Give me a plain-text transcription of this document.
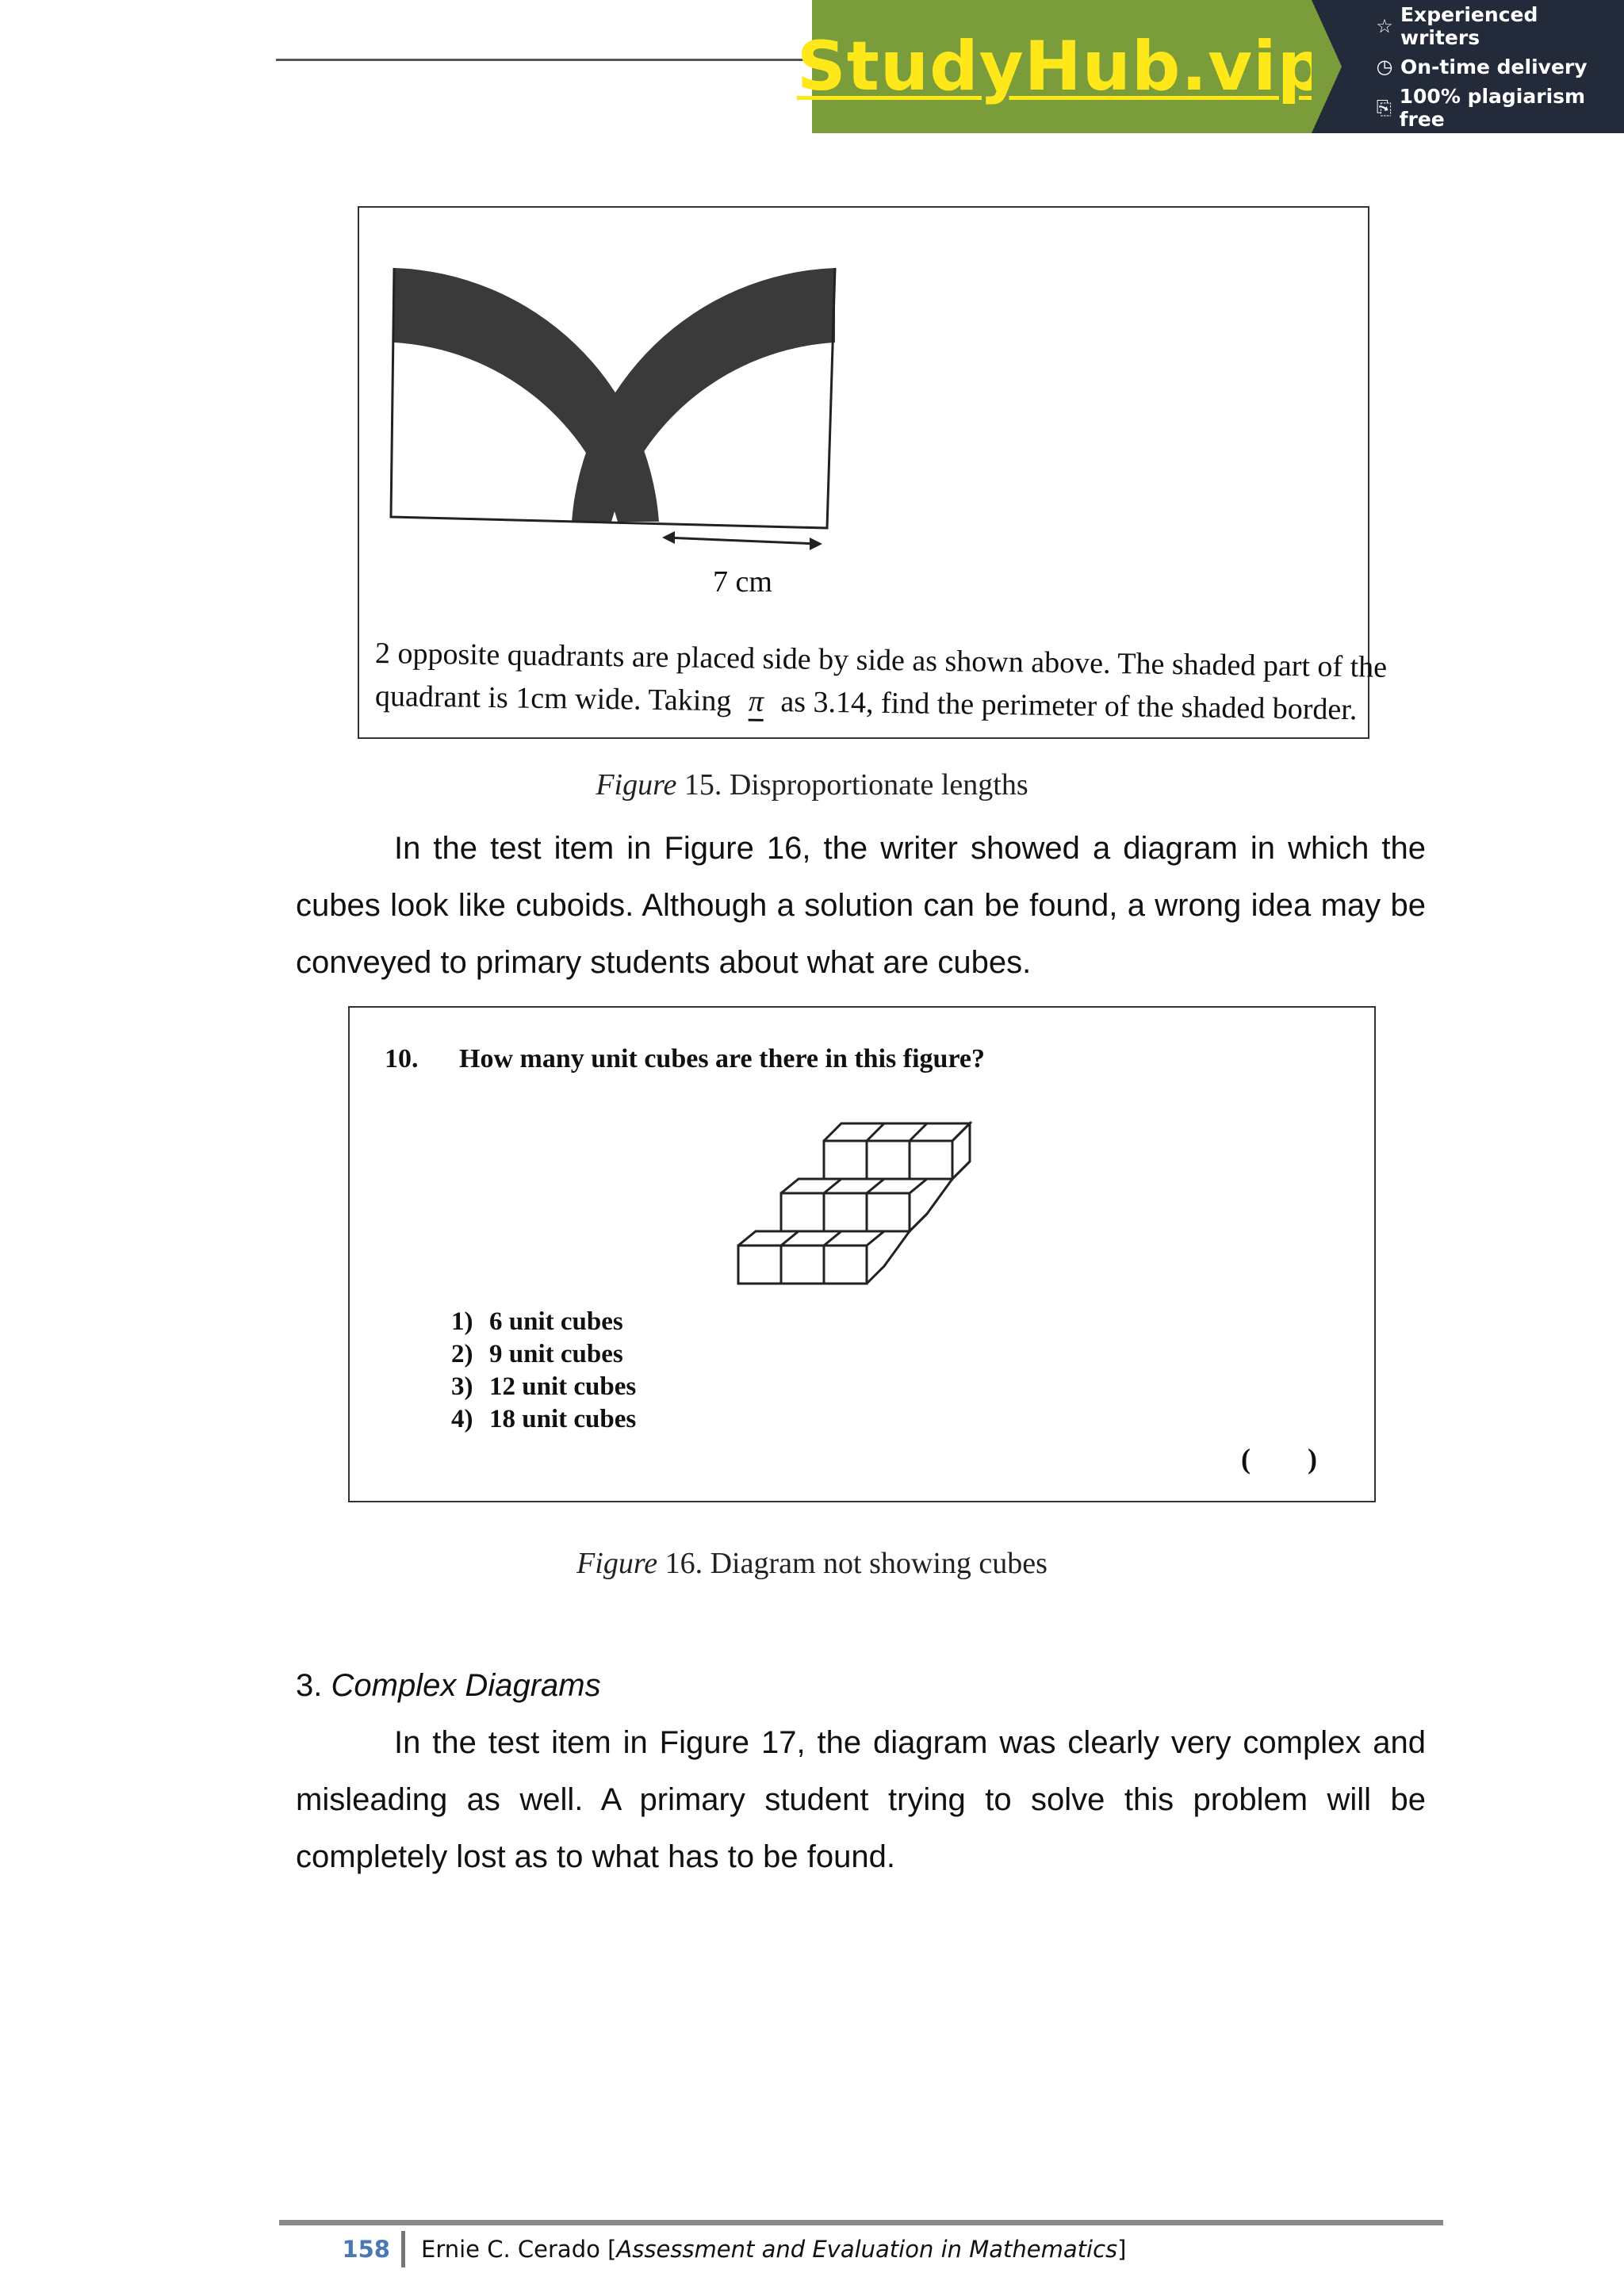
StudyHub.vip
☆ Experienced writers
◷ On-time delivery
⎘ 100% plagiarism free
7 cm
2 opposite quadrants are placed side by side as shown above. The shaded part of the
quadrant is 1cm wide. Taking π as 3.14, find the perimeter of the shaded border.
Figure 15. Disproportionate lengths
In the test item in Figure 16, the writer showed a diagram in which the cubes look like cuboids. Although a solution can be found, a wrong idea may be conveyed to primary students about what are cubes.
10. How many unit cubes are there in this figure?
1) 6 unit cubes
2) 9 unit cubes
3) 12 unit cubes
4) 18 unit cubes
(        )
Figure 16. Diagram not showing cubes
3. Complex Diagrams
In the test item in Figure 17, the diagram was clearly very complex and misleading as well. A primary student trying to solve this problem will be completely lost as to what has to be found.
158	Ernie C. Cerado [ Assessment and Evaluation in Mathematics ]
